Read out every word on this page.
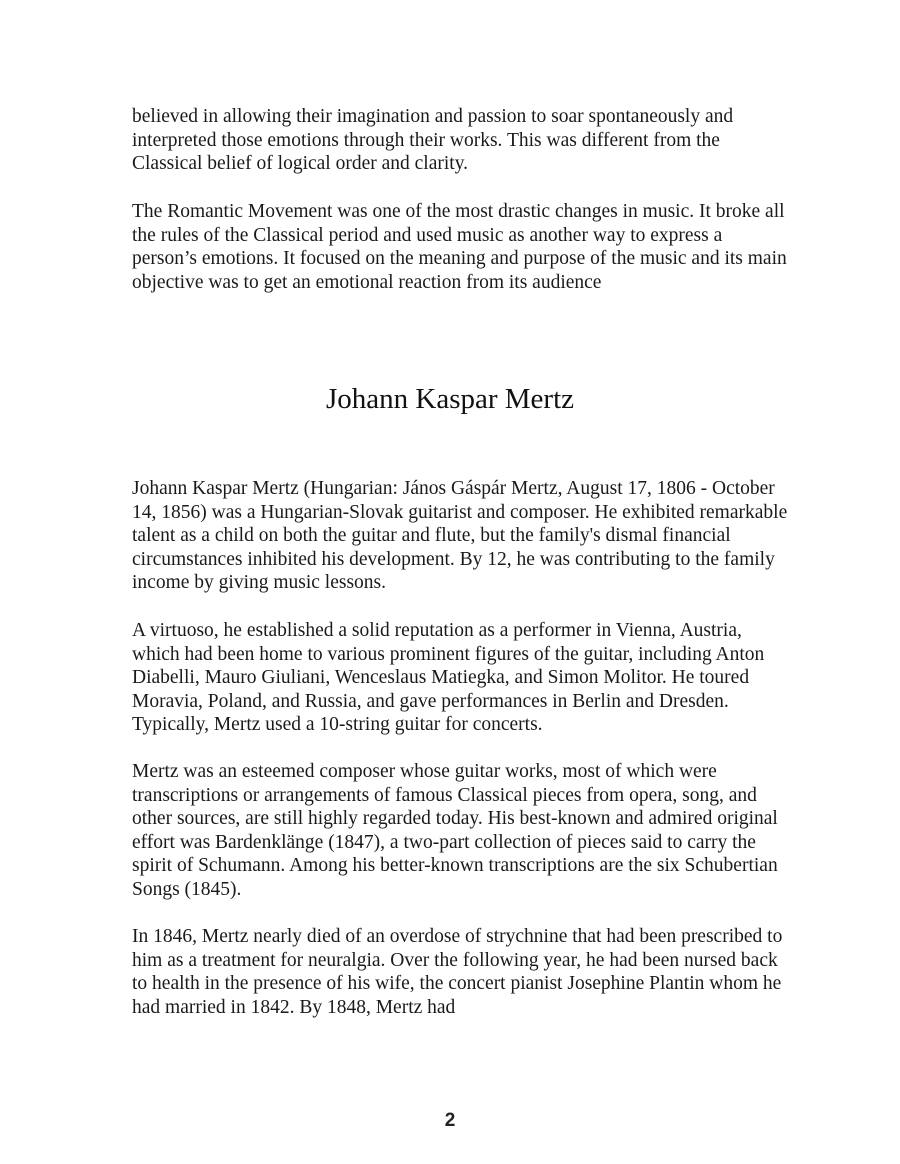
believed in allowing their imagination and passion to soar spontaneously and interpreted those emotions through their works. This was different from the Classical belief of logical order and clarity.

The Romantic Movement was one of the most drastic changes in music. It broke all the rules of the Classical period and used music as another way to express a person’s emotions. It focused on the meaning and purpose of the music and its main objective was to get an emotional reaction from its audience

Johann Kaspar Mertz

Johann Kaspar Mertz (Hungarian: János Gáspár Mertz, August 17, 1806 - October 14, 1856) was a Hungarian-Slovak guitarist and composer. He exhibited remarkable talent as a child on both the guitar and flute, but the family's dismal financial circumstances inhibited his development. By 12, he was contributing to the family income by giving music lessons.

A virtuoso, he established a solid reputation as a performer in Vienna, Austria, which had been home to various prominent figures of the guitar, including Anton Diabelli, Mauro Giuliani, Wenceslaus Matiegka, and Simon Molitor. He toured Moravia, Poland, and Russia, and gave performances in Berlin and Dresden. Typically, Mertz used a 10-string guitar for concerts.

Mertz was an esteemed composer whose guitar works, most of which were transcriptions or arrangements of famous Classical pieces from opera, song, and other sources, are still highly regarded today. His best-known and admired original effort was Bardenklänge (1847), a two-part collection of pieces said to carry the spirit of Schumann. Among his better-known transcriptions are the six Schubertian Songs (1845).

In 1846, Mertz nearly died of an overdose of strychnine that had been prescribed to him as a treatment for neuralgia. Over the following year, he had been nursed back to health in the presence of his wife, the concert pianist Josephine Plantin whom he had married in 1842. By 1848, Mertz had

2
